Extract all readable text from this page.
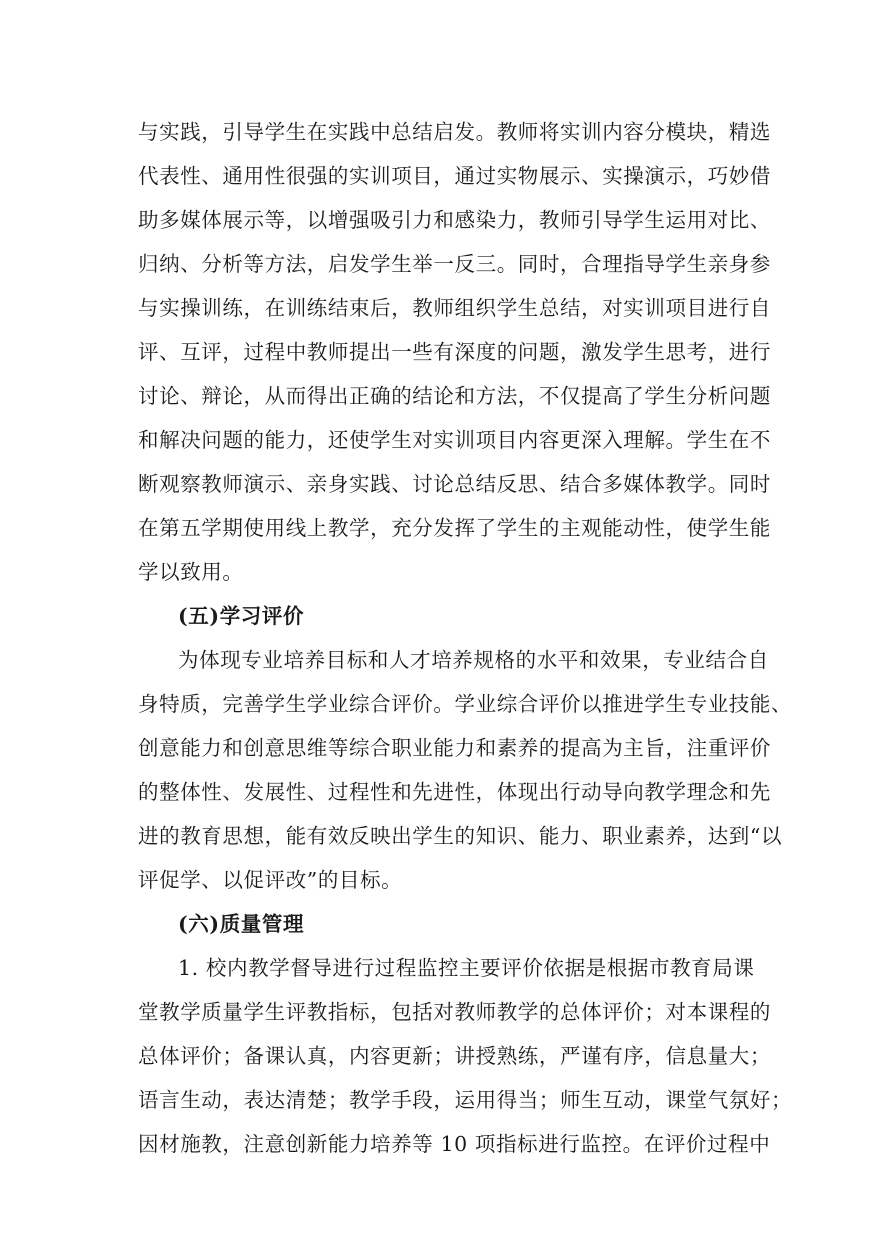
与实践，引导学生在实践中总结启发。教师将实训内容分模块，精选
代表性、通用性很强的实训项目，通过实物展示、实操演示，巧妙借
助多媒体展示等，以增强吸引力和感染力，教师引导学生运用对比、
归纳、分析等方法，启发学生举一反三。同时，合理指导学生亲身参
与实操训练，在训练结束后，教师组织学生总结，对实训项目进行自
评、互评，过程中教师提出一些有深度的问题，激发学生思考，进行
讨论、辩论，从而得出正确的结论和方法，不仅提高了学生分析问题
和解决问题的能力，还使学生对实训项目内容更深入理解。学生在不
断观察教师演示、亲身实践、讨论总结反思、结合多媒体教学。同时
在第五学期使用线上教学，充分发挥了学生的主观能动性，使学生能
学以致用。
(五)学习评价
为体现专业培养目标和人才培养规格的水平和效果，专业结合自
身特质，完善学生学业综合评价。学业综合评价以推进学生专业技能、
创意能力和创意思维等综合职业能力和素养的提高为主旨，注重评价
的整体性、发展性、过程性和先进性，体现出行动导向教学理念和先
进的教育思想，能有效反映出学生的知识、能力、职业素养，达到“以
评促学、以促评改”的目标。
(六)质量管理
1. 校内教学督导进行过程监控主要评价依据是根据市教育局课
堂教学质量学生评教指标，包括对教师教学的总体评价；对本课程的
总体评价；备课认真，内容更新；讲授熟练，严谨有序，信息量大；
语言生动，表达清楚；教学手段，运用得当；师生互动，课堂气氛好；
因材施教，注意创新能力培养等 10 项指标进行监控。在评价过程中
